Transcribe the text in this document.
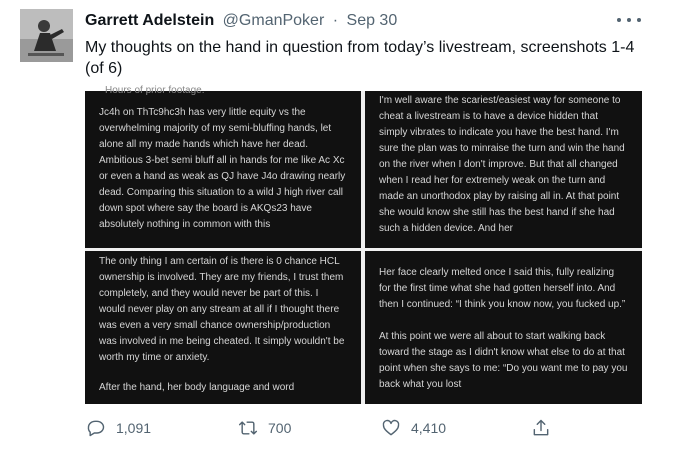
Garrett Adelstein @GmanPoker · Sep 30
My thoughts on the hand in question from today’s livestream, screenshots 1-4 (of 6)
Hours of prior footage.

Jc4h on ThTc9hc3h has very little equity vs the overwhelming majority of my semi-bluffing hands, let alone all my made hands which have her dead. Ambitious 3-bet semi bluff all in hands for me like Ac Xc or even a hand as weak as QJ have J4o drawing nearly dead. Comparing this situation to a wild J high river call down spot where say the board is AKQs23 have absolutely nothing in common with this

I'm well aware the scariest/easiest way for someone to cheat a livestream is to have a device hidden that simply vibrates to indicate you have the best hand. I'm sure the plan was to minraise the turn and win the hand on the river when I don't improve. But that all changed when I read her for extremely weak on the turn and made an unorthodox play by raising all in. At that point she would know she still has the best hand if she had such a hidden device. And her

The only thing I am certain of is there is 0 chance HCL ownership is involved. They are my friends, I trust them completely, and they would never be part of this. I would never play on any stream at all if I thought there was even a very small chance ownership/production was involved in me being cheated. It simply wouldn't be worth my time or anxiety.

After the hand, her body language and word

Her face clearly melted once I said this, fully realizing for the first time what she had gotten herself into. And then I continued: “I think you know now, you fucked up.”

At this point we were all about to start walking back toward the stage as I didn't know what else to do at that point when she says to me: “Do you want me to pay you back what you lost

1,091	700	4,410
